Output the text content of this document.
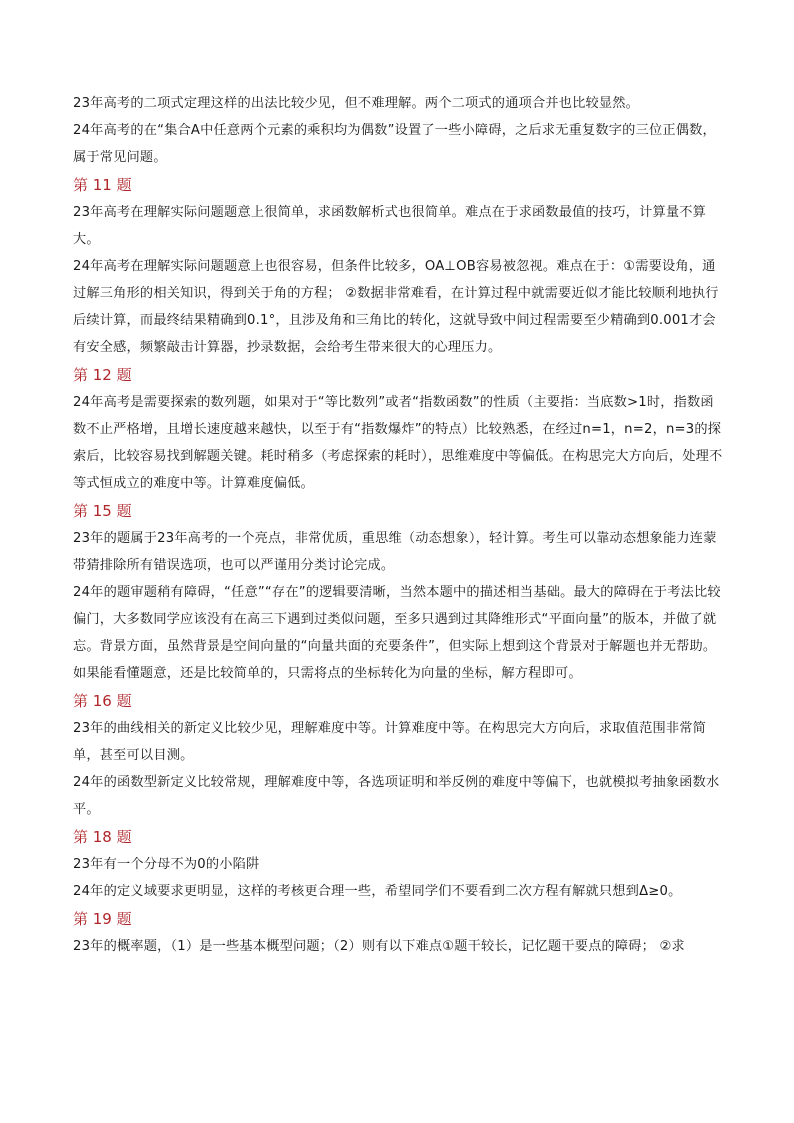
23年高考的二项式定理这样的出法比较少见，但不难理解。两个二项式的通项合并也比较显然。

24年高考的在“集合A中任意两个元素的乘积均为偶数”设置了一些小障碍，之后求无重复数字的三位正偶数，属于常见问题。

第 11 题

23年高考在理解实际问题题意上很简单，求函数解析式也很简单。难点在于求函数最值的技巧，计算量不算大。

24年高考在理解实际问题题意上也很容易，但条件比较多，OA⊥OB容易被忽视。难点在于：①需要设角，通过解三角形的相关知识，得到关于角的方程； ②数据非常难看，在计算过程中就需要近似才能比较顺利地执行后续计算，而最终结果精确到0.1°，且涉及角和三角比的转化，这就导致中间过程需要至少精确到0.001才会有安全感，频繁敲击计算器，抄录数据，会给考生带来很大的心理压力。

第 12 题

24年高考是需要探索的数列题，如果对于“等比数列”或者“指数函数”的性质（主要指：当底数>1时，指数函数不止严格增，且增长速度越来越快，以至于有“指数爆炸”的特点）比较熟悉，在经过n=1，n=2，n=3的探索后，比较容易找到解题关键。耗时稍多（考虑探索的耗时），思维难度中等偏低。在构思完大方向后，处理不等式恒成立的难度中等。计算难度偏低。

第 15 题

23年的题属于23年高考的一个亮点，非常优质，重思维（动态想象），轻计算。考生可以靠动态想象能力连蒙带猜排除所有错误选项，也可以严谨用分类讨论完成。

24年的题审题稍有障碍，“任意”“存在”的逻辑要清晰，当然本题中的描述相当基础。最大的障碍在于考法比较偏门，大多数同学应该没有在高三下遇到过类似问题，至多只遇到过其降维形式“平面向量”的版本，并做了就忘。背景方面，虽然背景是空间向量的“向量共面的充要条件”，但实际上想到这个背景对于解题也并无帮助。如果能看懂题意，还是比较简单的，只需将点的坐标转化为向量的坐标，解方程即可。

第 16 题

23年的曲线相关的新定义比较少见，理解难度中等。计算难度中等。在构思完大方向后，求取值范围非常简单，甚至可以目测。

24年的函数型新定义比较常规，理解难度中等，各选项证明和举反例的难度中等偏下，也就模拟考抽象函数水平。

第 18 题

23年有一个分母不为0的小陷阱

24年的定义域要求更明显，这样的考核更合理一些，希望同学们不要看到二次方程有解就只想到Δ≥0。

第 19 题

23年的概率题，（1）是一些基本概型问题；（2）则有以下难点①题干较长，记忆题干要点的障碍； ②求
